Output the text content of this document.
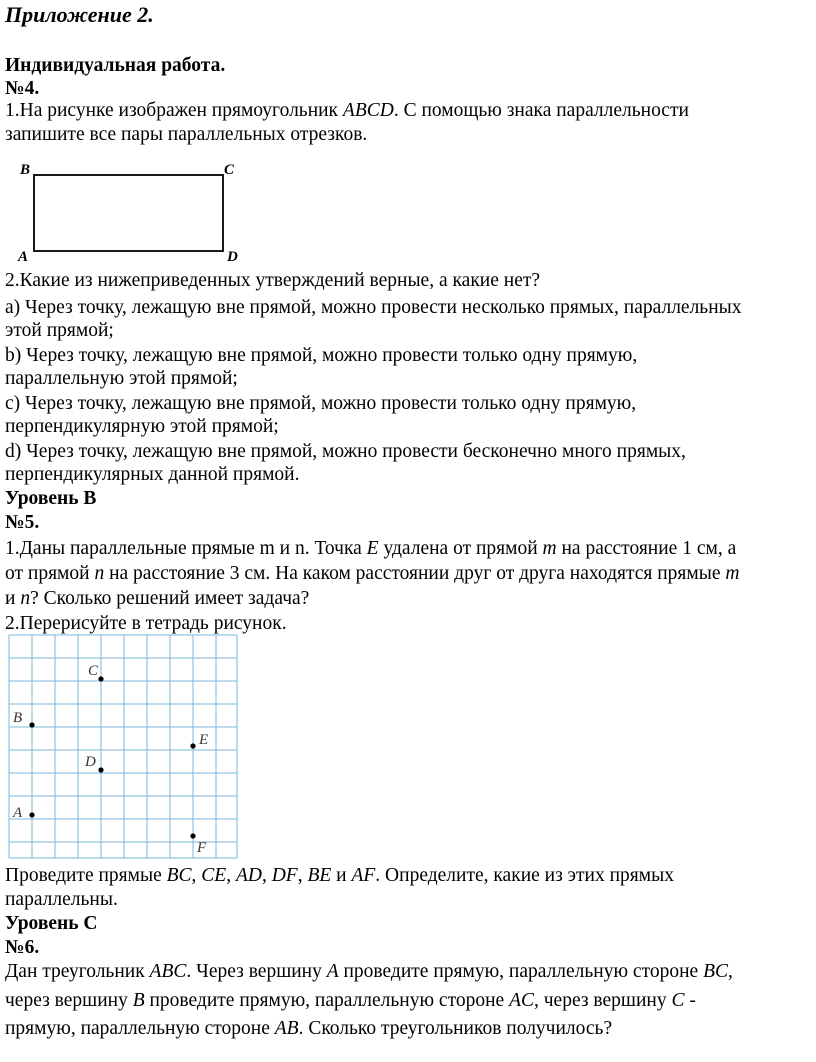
Приложение 2.
Индивидуальная работа.
№4.
1.На рисунке изображен прямоугольник ABCD. С помощью знака параллельности
запишите все пары параллельных отрезков.
B	C
A	D
2.Какие из нижеприведенных утверждений верные, а какие нет?
a) Через точку, лежащую вне прямой, можно провести несколько прямых, параллельных
этой прямой;
b) Через точку, лежащую вне прямой, можно провести только одну прямую,
параллельную этой прямой;
c) Через точку, лежащую вне прямой, можно провести только одну прямую,
перпендикулярную этой прямой;
d) Через точку, лежащую вне прямой, можно провести бесконечно много прямых,
перпендикулярных данной прямой.
Уровень В
№5.
1.Даны параллельные прямые m и n. Точка E удалена от прямой m на расстояние 1 см, а
от прямой n на расстояние 3 см. На каком расстоянии друг от друга находятся прямые m
и n? Сколько решений имеет задача?
2.Перерисуйте в тетрадь рисунок.
C
B
E
D
A
F
Проведите прямые BC, CE, AD, DF, BE и AF. Определите, какие из этих прямых
параллельны.
Уровень С
№6.
Дан треугольник ABC. Через вершину A проведите прямую, параллельную стороне BC,
через вершину B проведите прямую, параллельную стороне AC, через вершину C -
прямую, параллельную стороне AB. Сколько треугольников получилось?
